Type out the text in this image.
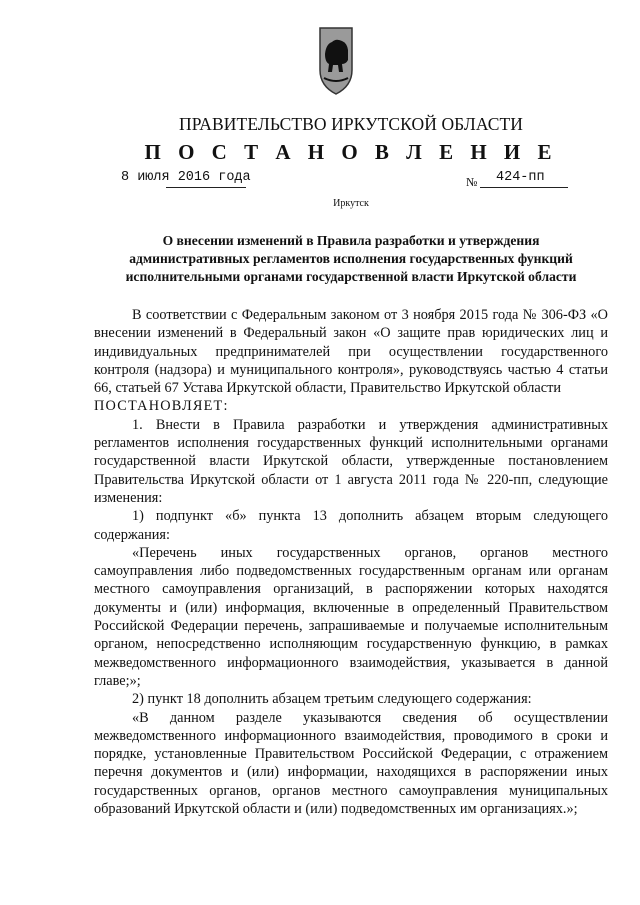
ПРАВИТЕЛЬСТВО ИРКУТСКОЙ ОБЛАСТИ
П О С Т А Н О В Л Е Н И Е
8 июля 2016 года	№ 424-пп
Иркутск
О внесении изменений в Правила разработки и утверждения
административных регламентов исполнения государственных функций
исполнительными органами государственной власти Иркутской области

В соответствии с Федеральным законом от 3 ноября 2015 года № 306-ФЗ «О внесении изменений в Федеральный закон «О защите прав юридических лиц и индивидуальных предпринимателей при осуществлении государственного контроля (надзора) и муниципального контроля», руководствуясь частью 4 статьи 66, статьей 67 Устава Иркутской области, Правительство Иркутской области

ПОСТАНОВЛЯЕТ:

1. Внести в Правила разработки и утверждения административных регламентов исполнения государственных функций исполнительными органами государственной власти Иркутской области, утвержденные постановлением Правительства Иркутской области от 1 августа 2011 года № 220-пп, следующие изменения:

1) подпункт «б» пункта 13 дополнить абзацем вторым следующего содержания:

«Перечень иных государственных органов, органов местного самоуправления либо подведомственных государственным органам или органам местного самоуправления организаций, в распоряжении которых находятся документы и (или) информация, включенные в определенный Правительством Российской Федерации перечень, запрашиваемые и получаемые исполнительным органом, непосредственно исполняющим государственную функцию, в рамках межведомственного информационного взаимодействия, указывается в данной главе;»;

2) пункт 18 дополнить абзацем третьим следующего содержания:

«В данном разделе указываются сведения об осуществлении межведомственного информационного взаимодействия, проводимого в сроки и порядке, установленные Правительством Российской Федерации, с отражением перечня документов и (или) информации, находящихся в распоряжении иных государственных органов, органов местного самоуправления муниципальных образований Иркутской области и (или) подведомственных им организациях.»;
